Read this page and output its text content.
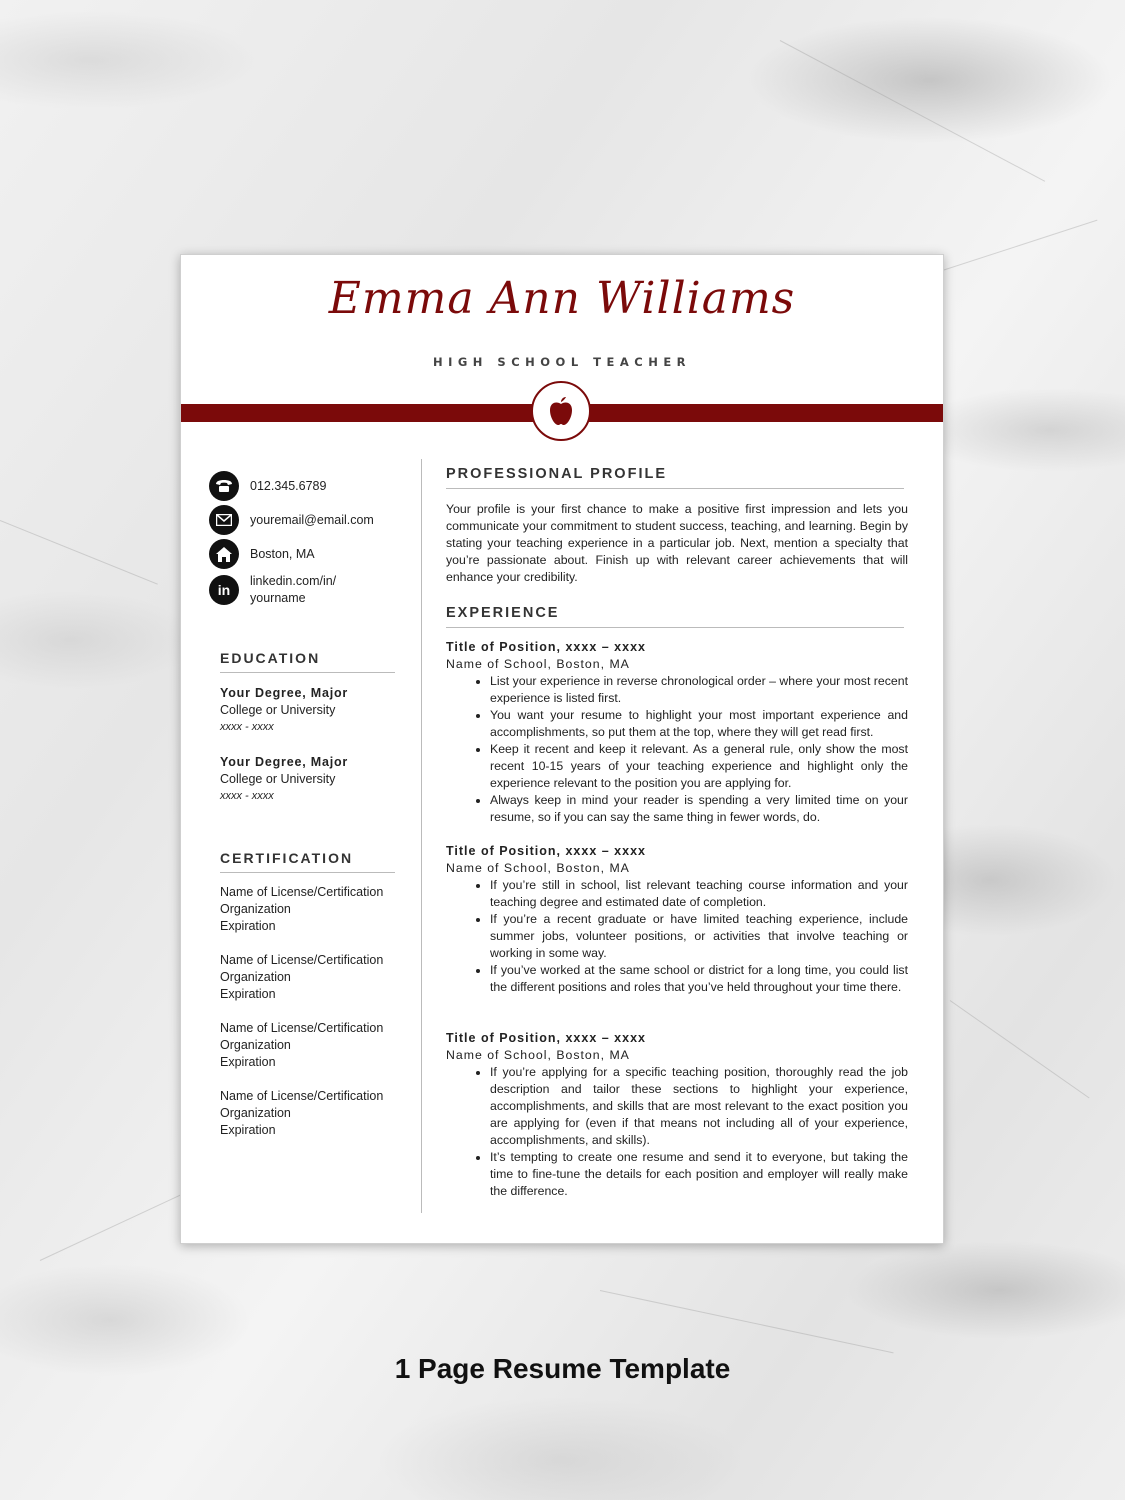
Emma Ann Williams
HIGH SCHOOL TEACHER
012.345.6789
youremail@email.com
Boston, MA
in
linkedin.com/in/ yourname
EDUCATION
Your Degree, Major
College or University
xxxx - xxxx
Your Degree, Major
College or University
xxxx - xxxx
CERTIFICATION
Name of License/Certification
Organization
Expiration
Name of License/Certification
Organization
Expiration
Name of License/Certification
Organization
Expiration
Name of License/Certification
Organization
Expiration
PROFESSIONAL PROFILE
Your profile is your first chance to make a positive first impression and lets you communicate your commitment to student success, teaching, and learning. Begin by stating your teaching experience in a particular job. Next, mention a specialty that you’re passionate about. Finish up with relevant career achievements that will enhance your credibility.
EXPERIENCE
Title of Position, xxxx – xxxx
Name of School, Boston, MA
• List your experience in reverse chronological order – where your most recent experience is listed first.
• You want your resume to highlight your most important experience and accomplishments, so put them at the top, where they will get read first.
• Keep it recent and keep it relevant. As a general rule, only show the most recent 10-15 years of your teaching experience and highlight only the experience relevant to the position you are applying for.
• Always keep in mind your reader is spending a very limited time on your resume, so if you can say the same thing in fewer words, do.
Title of Position, xxxx – xxxx
Name of School, Boston, MA
• If you’re still in school, list relevant teaching course information and your teaching degree and estimated date of completion.
• If you’re a recent graduate or have limited teaching experience, include summer jobs, volunteer positions, or activities that involve teaching or working in some way.
• If you’ve worked at the same school or district for a long time, you could list the different positions and roles that you’ve held throughout your time there.
Title of Position, xxxx – xxxx
Name of School, Boston, MA
• If you’re applying for a specific teaching position, thoroughly read the job description and tailor these sections to highlight your experience, accomplishments, and skills that are most relevant to the exact position you are applying for (even if that means not including all of your experience, accomplishments, and skills).
• It’s tempting to create one resume and send it to everyone, but taking the time to fine-tune the details for each position and employer will really make the difference.
1 Page Resume Template
